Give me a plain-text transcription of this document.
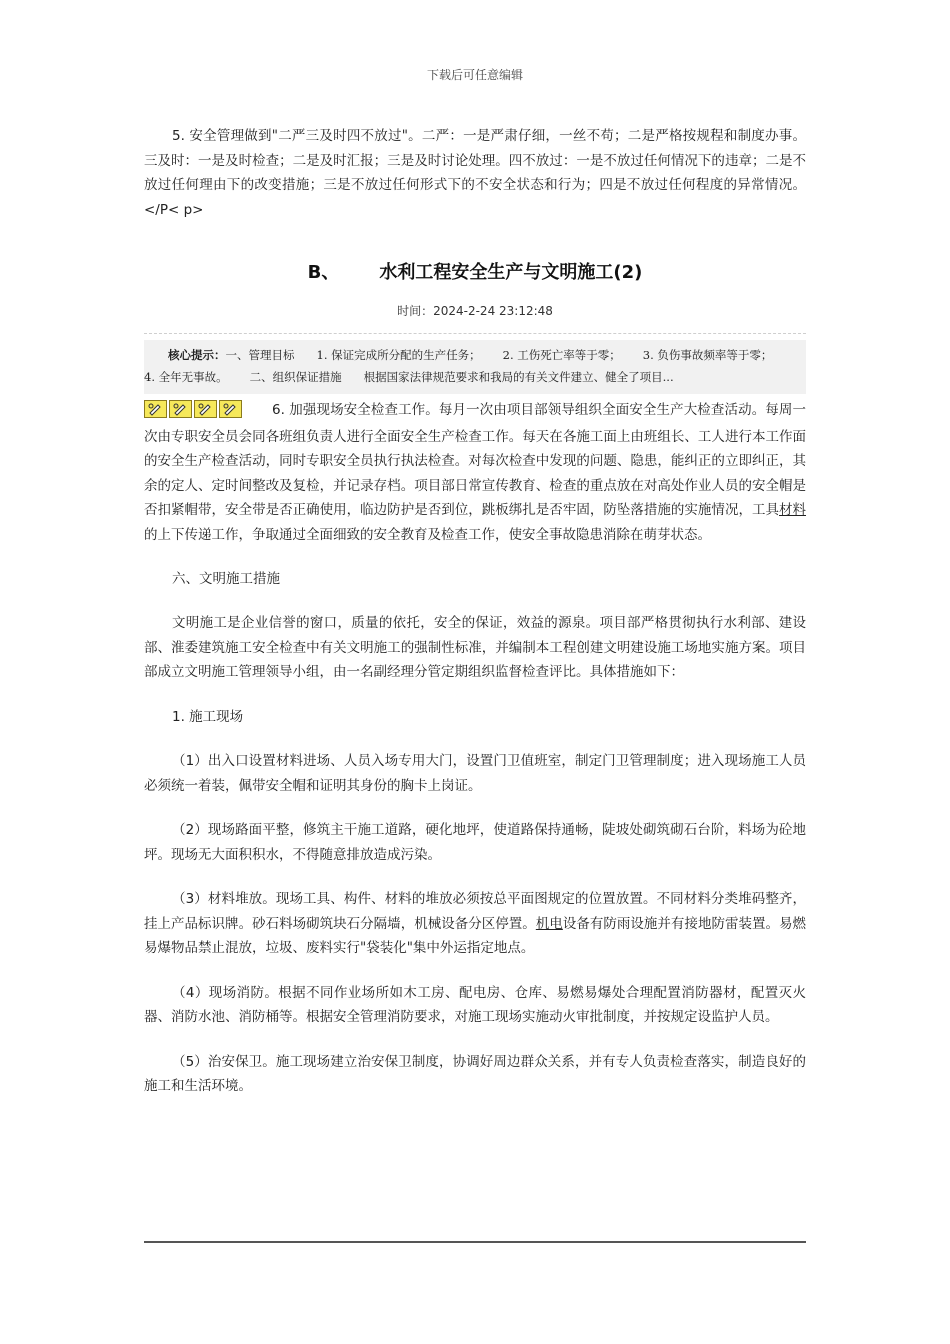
下载后可任意编辑

5. 安全管理做到"二严三及时四不放过"。二严：一是严肃仔细，一丝不苟；二是严格按规程和制度办事。三及时：一是及时检查；二是及时汇报；三是及时讨论处理。四不放过：一是不放过任何情况下的违章；二是不放过任何理由下的改变措施；三是不放过任何形式下的不安全状态和行为；四是不放过任何程度的异常情况。</P< p>

B、 水利工程安全生产与文明施工(2)
时间：2024-2-24 23:12:48
核心提示：一、管理目标 1. 保证完成所分配的生产任务； 2. 工伤死亡率等于零； 3. 负伤事故频率等于零；
4. 全年无事故。 二、组织保证措施 根据国家法律规范要求和我局的有关文件建立、健全了项目...

6. 加强现场安全检查工作。每月一次由项目部领导组织全面安全生产大检查活动。每周一次由专职安全员会同各班组负责人进行全面安全生产检查工作。每天在各施工面上由班组长、工人进行本工作面的安全生产检查活动，同时专职安全员执行执法检查。对每次检查中发现的问题、隐患，能纠正的立即纠正，其余的定人、定时间整改及复检，并记录存档。项目部日常宣传教育、检查的重点放在对高处作业人员的安全帽是否扣紧帽带，安全带是否正确使用，临边防护是否到位，跳板绑扎是否牢固，防坠落措施的实施情况，工具材料的上下传递工作，争取通过全面细致的安全教育及检查工作，使安全事故隐患消除在萌芽状态。

六、文明施工措施

文明施工是企业信誉的窗口，质量的依托，安全的保证，效益的源泉。项目部严格贯彻执行水利部、建设部、淮委建筑施工安全检查中有关文明施工的强制性标准，并编制本工程创建文明建设施工场地实施方案。项目部成立文明施工管理领导小组，由一名副经理分管定期组织监督检查评比。具体措施如下：

1. 施工现场

（1）出入口设置材料进场、人员入场专用大门，设置门卫值班室，制定门卫管理制度；进入现场施工人员必须统一着装，佩带安全帽和证明其身份的胸卡上岗证。

（2）现场路面平整，修筑主干施工道路，硬化地坪，使道路保持通畅，陡坡处砌筑砌石台阶，料场为砼地坪。现场无大面积积水，不得随意排放造成污染。

（3）材料堆放。现场工具、构件、材料的堆放必须按总平面图规定的位置放置。不同材料分类堆码整齐，挂上产品标识牌。砂石料场砌筑块石分隔墙，机械设备分区停置。机电设备有防雨设施并有接地防雷装置。易燃易爆物品禁止混放，垃圾、废料实行"袋装化"集中外运指定地点。

（4）现场消防。根据不同作业场所如木工房、配电房、仓库、易燃易爆处合理配置消防器材，配置灭火器、消防水池、消防桶等。根据安全管理消防要求，对施工现场实施动火审批制度，并按规定设监护人员。

（5）治安保卫。施工现场建立治安保卫制度，协调好周边群众关系，并有专人负责检查落实，制造良好的施工和生活环境。
